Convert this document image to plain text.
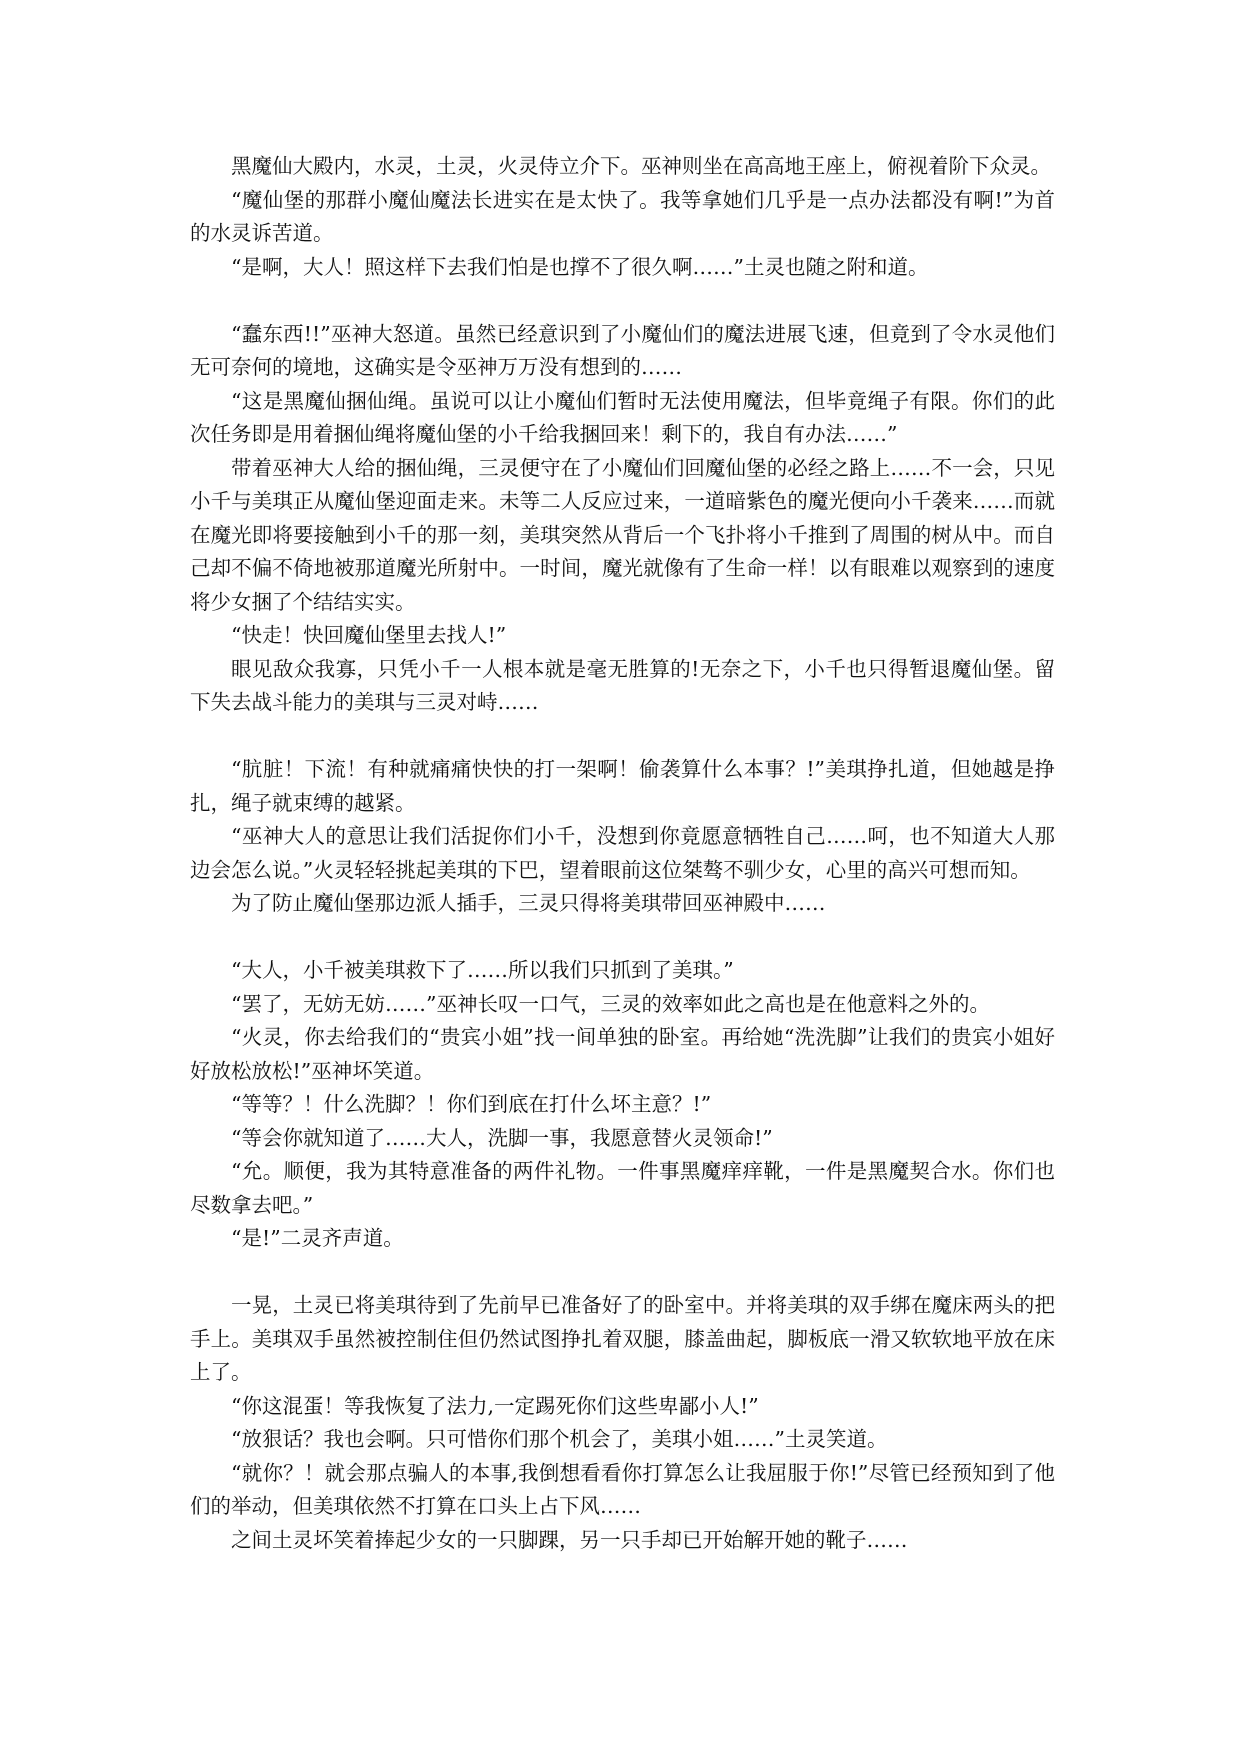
黑魔仙大殿内，水灵，土灵，火灵侍立介下。巫神则坐在高高地王座上，俯视着阶下众灵。

“魔仙堡的那群小魔仙魔法长进实在是太快了。我等拿她们几乎是一点办法都没有啊!”为首的水灵诉苦道。

“是啊，大人！照这样下去我们怕是也撑不了很久啊……”土灵也随之附和道。

“蠢东西!!”巫神大怒道。虽然已经意识到了小魔仙们的魔法进展飞速，但竟到了令水灵他们无可奈何的境地，这确实是令巫神万万没有想到的……

“这是黑魔仙捆仙绳。虽说可以让小魔仙们暂时无法使用魔法，但毕竟绳子有限。你们的此次任务即是用着捆仙绳将魔仙堡的小千给我捆回来！剩下的，我自有办法……”

带着巫神大人给的捆仙绳，三灵便守在了小魔仙们回魔仙堡的必经之路上……不一会，只见小千与美琪正从魔仙堡迎面走来。未等二人反应过来，一道暗紫色的魔光便向小千袭来……而就在魔光即将要接触到小千的那一刻，美琪突然从背后一个飞扑将小千推到了周围的树从中。而自己却不偏不倚地被那道魔光所射中。一时间，魔光就像有了生命一样！以有眼难以观察到的速度将少女捆了个结结实实。

“快走！快回魔仙堡里去找人!”

眼见敌众我寡，只凭小千一人根本就是毫无胜算的!无奈之下，小千也只得暂退魔仙堡。留下失去战斗能力的美琪与三灵对峙……

“肮脏！下流！有种就痛痛快快的打一架啊！偷袭算什么本事？!”美琪挣扎道，但她越是挣扎，绳子就束缚的越紧。

“巫神大人的意思让我们活捉你们小千，没想到你竟愿意牺牲自己……呵，也不知道大人那边会怎么说。”火灵轻轻挑起美琪的下巴，望着眼前这位桀骜不驯少女，心里的高兴可想而知。

为了防止魔仙堡那边派人插手，三灵只得将美琪带回巫神殿中……

“大人，小千被美琪救下了……所以我们只抓到了美琪。”

“罢了，无妨无妨……”巫神长叹一口气，三灵的效率如此之高也是在他意料之外的。

“火灵，你去给我们的“贵宾小姐”找一间单独的卧室。再给她“洗洗脚”让我们的贵宾小姐好好放松放松!”巫神坏笑道。

“等等？！什么洗脚？！你们到底在打什么坏主意？!”

“等会你就知道了……大人，洗脚一事，我愿意替火灵领命!”

“允。顺便，我为其特意准备的两件礼物。一件事黑魔痒痒靴，一件是黑魔契合水。你们也尽数拿去吧。”

“是!”二灵齐声道。

一晃，土灵已将美琪待到了先前早已准备好了的卧室中。并将美琪的双手绑在魔床两头的把手上。美琪双手虽然被控制住但仍然试图挣扎着双腿，膝盖曲起，脚板底一滑又软软地平放在床上了。

“你这混蛋！等我恢复了法力,一定踢死你们这些卑鄙小人!”

“放狠话？我也会啊。只可惜你们那个机会了，美琪小姐……”土灵笑道。

“就你？！就会那点骗人的本事,我倒想看看你打算怎么让我屈服于你!”尽管已经预知到了他们的举动，但美琪依然不打算在口头上占下风……

之间土灵坏笑着捧起少女的一只脚踝，另一只手却已开始解开她的靴子……
